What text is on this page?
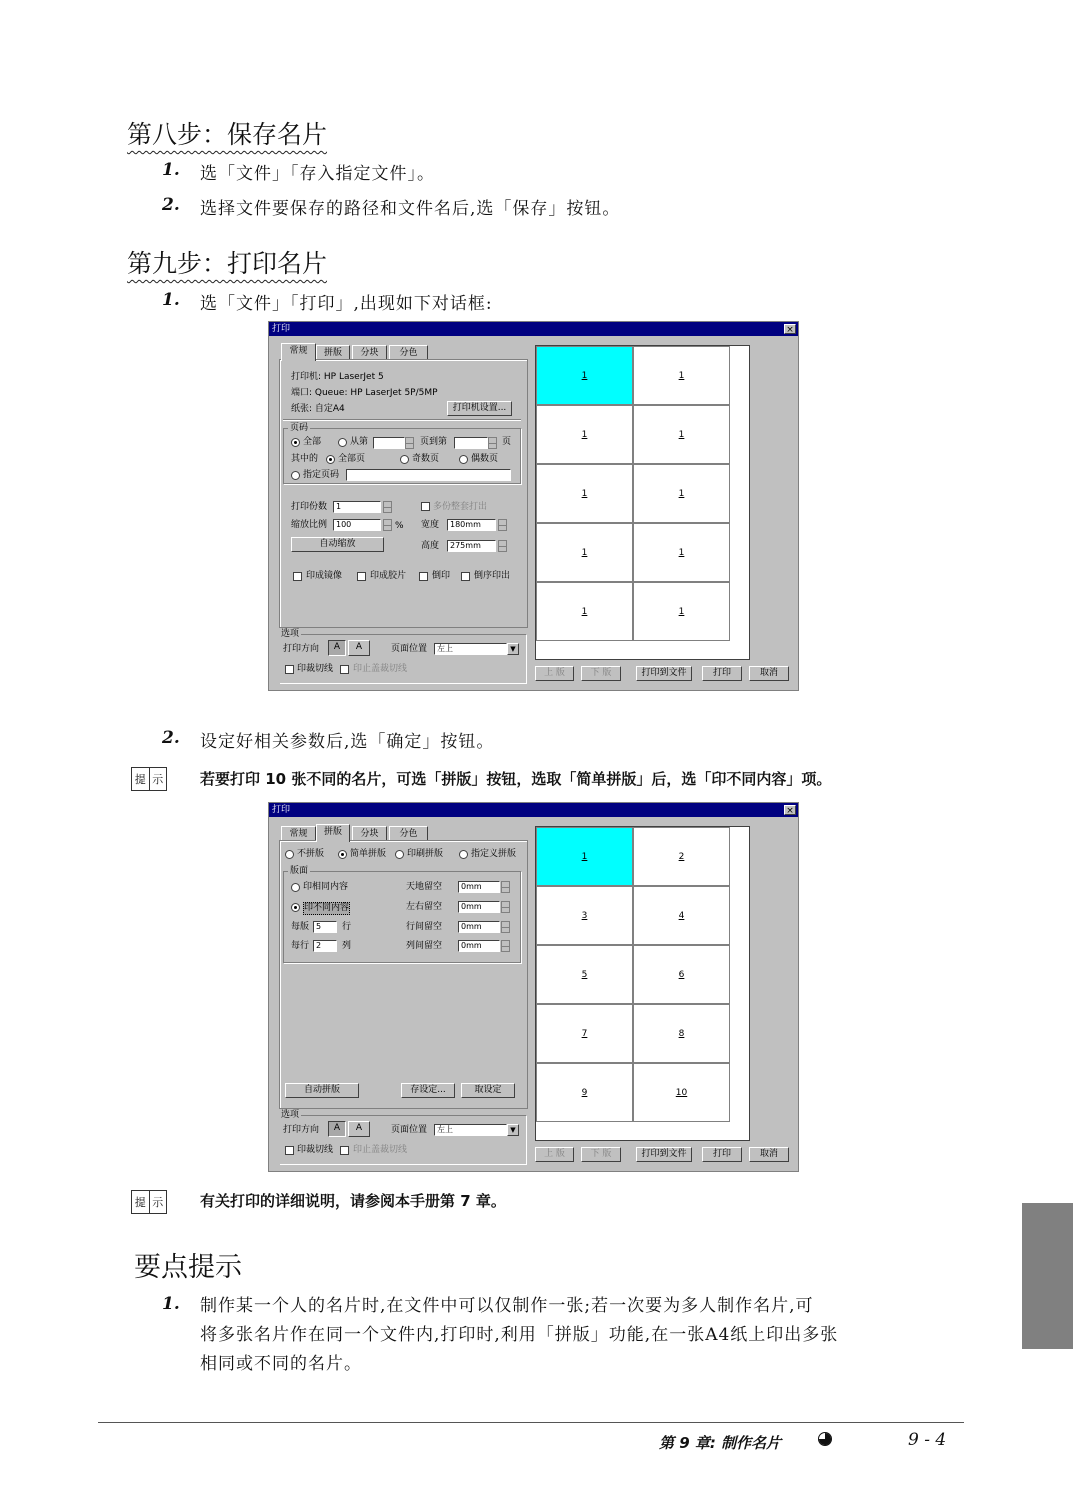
第八步：保存名片
1. 选「文件」「存入指定文件」。
2. 选择文件要保存的路径和文件名后,选「保存」按钮。
第九步：打印名片
1. 选「文件」「打印」,出现如下对话框:
打印	×
常规	拼版	分块	分色
打印机: HP LaserJet 5
端口: Queue: HP LaserJet 5P/5MP
纸张: 自定A4	打印机设置...
页码
全部	从第	页到第	页
其中的 全部页	奇数页	偶数页
指定页码
打印份数	1	多份整套打出
缩放比例	100	% 宽度	180mm
自动缩放	高度	275mm
印成镜像	印成胶片	倒印	倒序印出
选项
打印方向	A	A	页面位置	左上	▼
印裁切线 印止盖裁切线
1	1
1	1
1	1
1	1
1	1
上 版	下 版	打印到文件	打印	取消
2. 设定好相关参数后,选「确定」按钮。
提 示 若要打印 10 张不同的名片，可选「拼版」按钮，选取「简单拼版」后，选「印不同内容」项。
打印	×
常规	拼版	分块	分色
不拼版	简单拼版 印刷拼版	指定义拼版
版面
印相同内容
印不同内容
每版 5	行
每行 2	列
天地留空	0mm
左右留空	0mm
行间留空	0mm
列间留空	0mm
自动拼版	存设定...	取设定
选项
打印方向	A	A	页面位置	左上	▼
印裁切线 印止盖裁切线
1	2
3	4
5	6
7	8
9	10
上 版	下 版	打印到文件	打印	取消
提 示 有关打印的详细说明，请参阅本手册第 7 章。
要点提示
1. 制作某一个人的名片时,在文件中可以仅制作一张;若一次要为多人制作名片,可
将多张名片作在同一个文件内,打印时,利用「拼版」功能,在一张A4纸上印出多张
相同或不同的名片。
第 9 章: 制作名片	9 - 4
